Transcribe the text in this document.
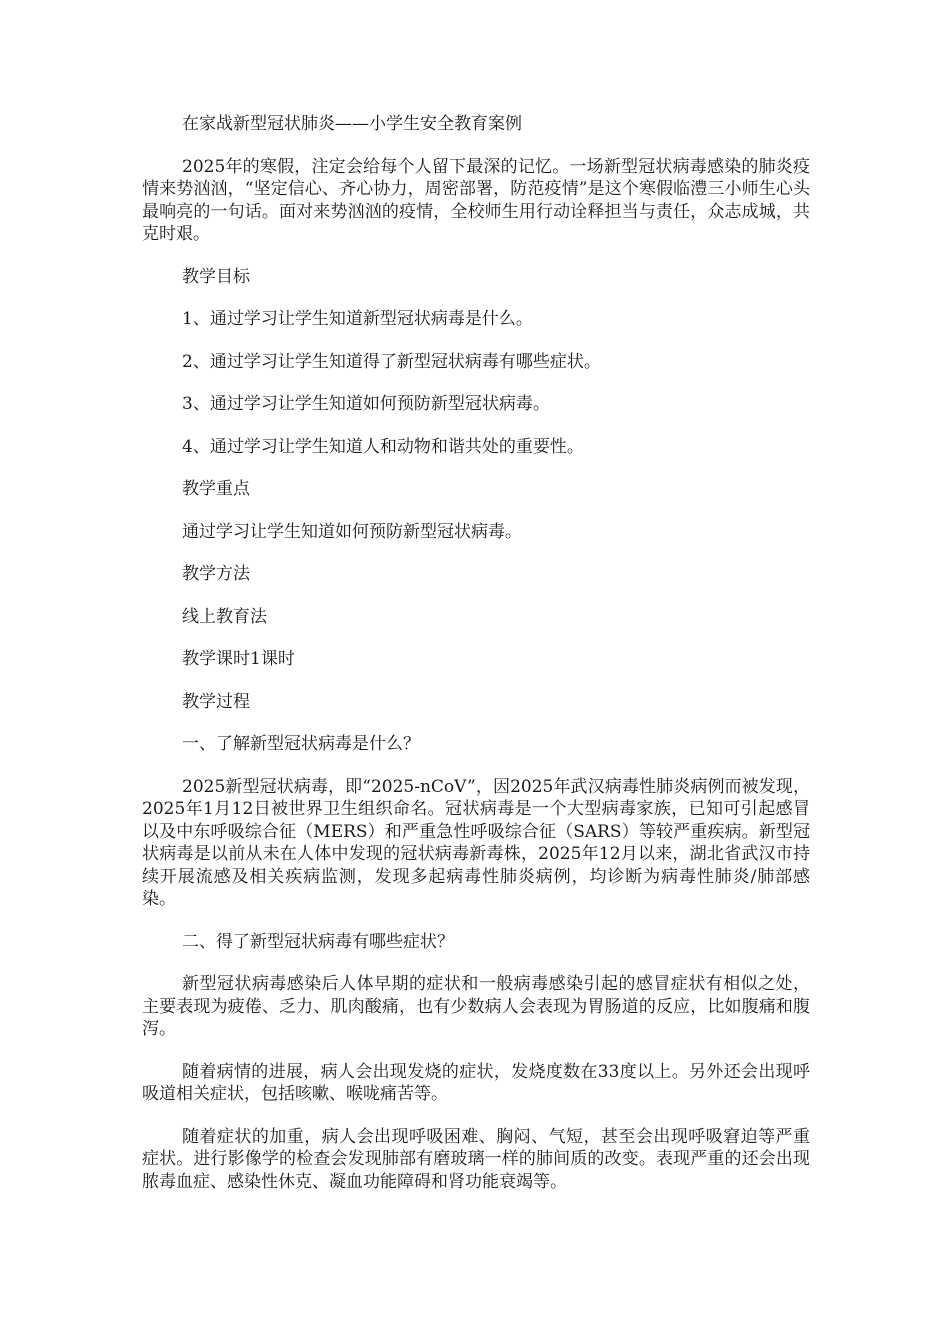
在家战新型冠状肺炎——小学生安全教育案例

2025年的寒假，注定会给每个人留下最深的记忆。一场新型冠状病毒感染的肺炎疫情来势汹汹，“坚定信心、齐心协力，周密部署，防范疫情”是这个寒假临澧三小师生心头最响亮的一句话。面对来势汹汹的疫情，全校师生用行动诠释担当与责任，众志成城，共克时艰。

教学目标

1、通过学习让学生知道新型冠状病毒是什么。

2、通过学习让学生知道得了新型冠状病毒有哪些症状。

3、通过学习让学生知道如何预防新型冠状病毒。

4、通过学习让学生知道人和动物和谐共处的重要性。

教学重点

通过学习让学生知道如何预防新型冠状病毒。

教学方法

线上教育法

教学课时1课时

教学过程

一、了解新型冠状病毒是什么？

2025新型冠状病毒，即“2025-nCoV”，因2025年武汉病毒性肺炎病例而被发现，2025年1月12日被世界卫生组织命名。冠状病毒是一个大型病毒家族，已知可引起感冒以及中东呼吸综合征（MERS）和严重急性呼吸综合征（SARS）等较严重疾病。新型冠状病毒是以前从未在人体中发现的冠状病毒新毒株，2025年12月以来，湖北省武汉市持续开展流感及相关疾病监测，发现多起病毒性肺炎病例，均诊断为病毒性肺炎/肺部感染。

二、得了新型冠状病毒有哪些症状？

新型冠状病毒感染后人体早期的症状和一般病毒感染引起的感冒症状有相似之处，主要表现为疲倦、乏力、肌肉酸痛，也有少数病人会表现为胃肠道的反应，比如腹痛和腹泻。

随着病情的进展，病人会出现发烧的症状，发烧度数在33度以上。另外还会出现呼吸道相关症状，包括咳嗽、喉咙痛苦等。

随着症状的加重，病人会出现呼吸困难、胸闷、气短，甚至会出现呼吸窘迫等严重症状。进行影像学的检查会发现肺部有磨玻璃一样的肺间质的改变。表现严重的还会出现脓毒血症、感染性休克、凝血功能障碍和肾功能衰竭等。
